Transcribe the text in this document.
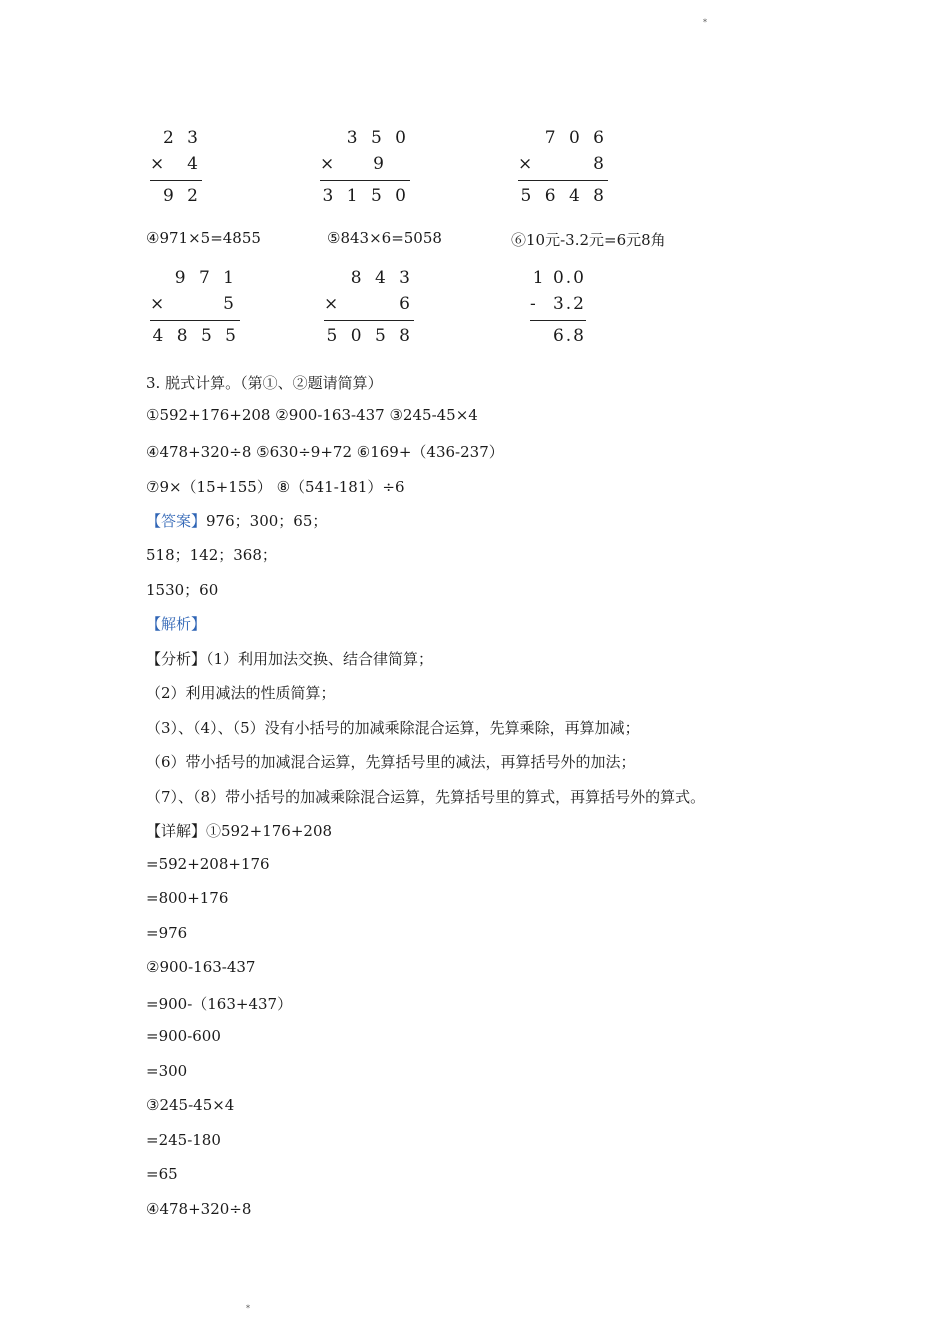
*
2 3
× 4
9 2
3 5 0
× 9
3 1 5 0
7 0 6
×	8
5 6 4 8
④971×5=4855	⑤843×6=5058	⑥10元-3.2元=6元8角
9 7 1
×	5
4 8 5 5
8 4 3
×	6
5 0 5 8
1 0.0
- 3.2
6.8
3. 脱式计算。（第①、②题请简算）
①592+176+208 ②900-163-437 ③245-45×4
④478+320÷8 ⑤630÷9+72 ⑥169+（436-237）
⑦9×（15+155） ⑧（541-181）÷6
【答案】976；300；65；
518；142；368；
1530；60
【解析】
【分析】（1）利用加法交换、结合律简算；
（2）利用减法的性质简算；
（3）、（4）、（5）没有小括号的加减乘除混合运算，先算乘除，再算加减；
（6）带小括号的加减混合运算，先算括号里的减法，再算括号外的加法；
（7）、（8）带小括号的加减乘除混合运算，先算括号里的算式，再算括号外的算式。
【详解】①592+176+208
=592+208+176
=800+176
=976
②900-163-437
=900-（163+437）
=900-600
=300
③245-45×4
=245-180
=65
④478+320÷8
*
